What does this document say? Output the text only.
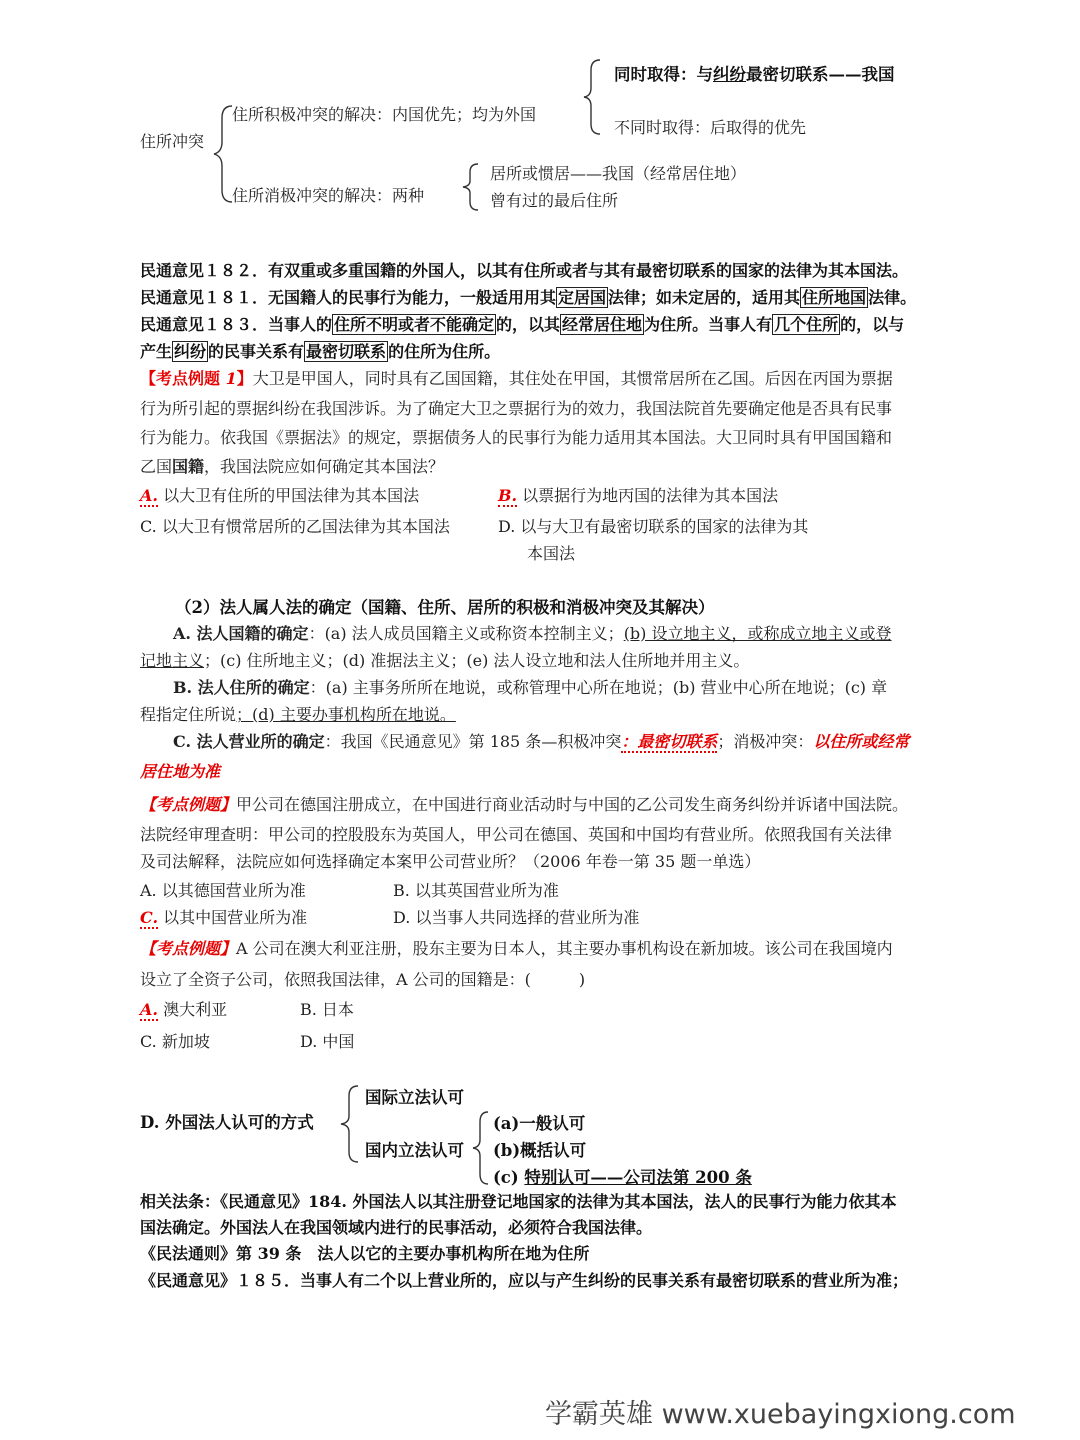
住所冲突
住所积极冲突的解决：内国优先；均为外国
住所消极冲突的解决：两种
同时取得：与纠纷最密切联系——我国
不同时取得：后取得的优先
居所或惯居——我国（经常居住地）
曾有过的最后住所
民通意见１８２．有双重或多重国籍的外国人，以其有住所或者与其有最密切联系的国家的法律为其本国法。
民通意见１８１．无国籍人的民事行为能力，一般适用用其 定居国 法律；如未定居的，适用其 住所地国 法律。
民通意见１８３．当事人的 住所不明或者不能确定 的，以其 经常居住地 为住所。当事人有 几个住所 的，以与
产生 纠纷 的民事关系有 最密切联系 的住所为住所。
【考点例题 1】大卫是甲国人，同时具有乙国国籍，其住处在甲国，其惯常居所在乙国。后因在丙国为票据
行为所引起的票据纠纷在我国涉诉。为了确定大卫之票据行为的效力，我国法院首先要确定他是否具有民事
行为能力。依我国《票据法》的规定，票据债务人的民事行为能力适用其本国法。大卫同时具有甲国国籍和
乙国国籍，我国法院应如何确定其本国法？
A. 以大卫有住所的甲国法律为其本国法	B. 以票据行为地丙国的法律为其本国法
C. 以大卫有惯常居所的乙国法律为其本国法	D. 以与大卫有最密切联系的国家的法律为其
本国法
（2）法人属人法的确定（国籍、住所、居所的积极和消极冲突及其解决）
A. 法人国籍的确定：(a) 法人成员国籍主义或称资本控制主义；(b) 设立地主义，或称成立地主义或登
记地主义；(c) 住所地主义；(d) 准据法主义；(e) 法人设立地和法人住所地并用主义。
B. 法人住所的确定：(a) 主事务所所在地说，或称管理中心所在地说；(b) 营业中心所在地说；(c) 章
程指定住所说；(d) 主要办事机构所在地说。
C. 法人营业所的确定：我国《民通意见》第 185 条—积极冲突：最密切联系；消极冲突：以住所或经常
居住地为准
【考点例题】甲公司在德国注册成立，在中国进行商业活动时与中国的乙公司发生商务纠纷并诉诸中国法院。
法院经审理查明：甲公司的控股股东为英国人，甲公司在德国、英国和中国均有营业所。依照我国有关法律
及司法解释，法院应如何选择确定本案甲公司营业所？（2006 年卷一第 35 题一单选）
A. 以其德国营业所为准	B. 以其英国营业所为准
C. 以其中国营业所为准	D. 以当事人共同选择的营业所为准
【考点例题】A 公司在澳大利亚注册，股东主要为日本人，其主要办事机构设在新加坡。该公司在我国境内
设立了全资子公司，依照我国法律，A 公司的国籍是：(　　　)
A. 澳大利亚	B. 日本
C. 新加坡	D. 中国
D. 外国法人认可的方式
国际立法认可
国内立法认可
(a)一般认可
(b)概括认可
(c) 特别认可——公司法第 200 条
相关法条：《民通意见》184. 外国法人以其注册登记地国家的法律为其本国法，法人的民事行为能力依其本
国法确定。外国法人在我国领域内进行的民事活动，必须符合我国法律。
《民法通则》第 39 条　法人以它的主要办事机构所在地为住所
《民通意见》１８５．当事人有二个以上营业所的，应以与产生纠纷的民事关系有最密切联系的营业所为准；
学霸英雄 www.xuebayingxiong.com
